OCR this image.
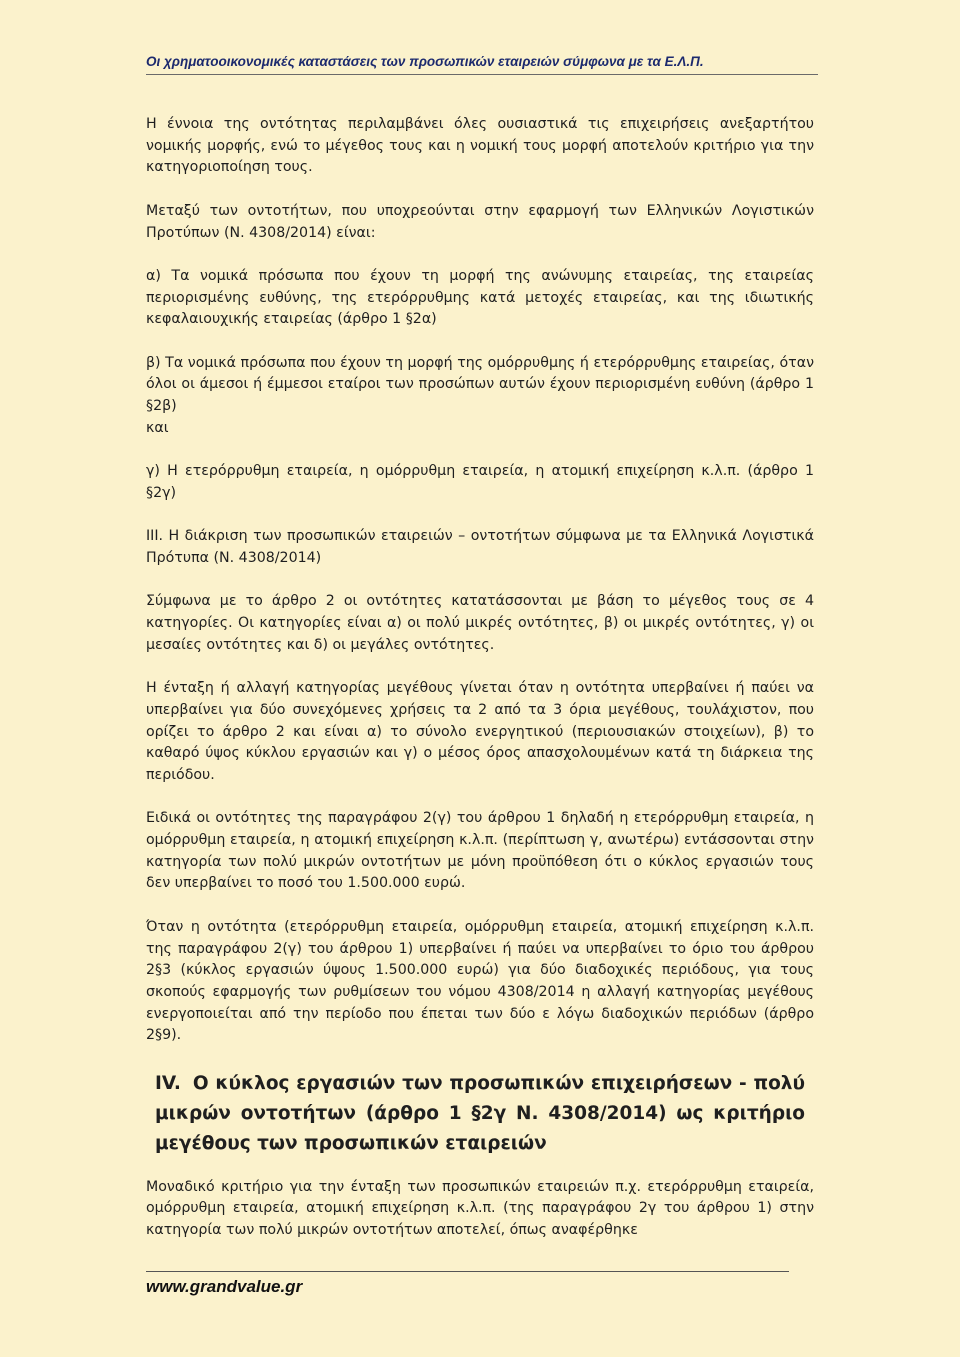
Οι χρηματοοικονομικές καταστάσεις των προσωπικών εταιρειών σύμφωνα με τα Ε.Λ.Π.

Η έννοια της οντότητας περιλαμβάνει όλες ουσιαστικά τις επιχειρήσεις ανεξαρτήτου νομικής μορφής, ενώ το μέγεθος τους και η νομική τους μορφή αποτελούν κριτήριο για την κατηγοριοποίηση τους.

Μεταξύ των οντοτήτων, που υποχρεούνται στην εφαρμογή των Ελληνικών Λογιστικών Προτύπων (Ν. 4308/2014) είναι:

α) Τα νομικά πρόσωπα που έχουν τη μορφή της ανώνυμης εταιρείας, της εταιρείας περιορισμένης ευθύνης, της ετερόρρυθμης κατά μετοχές εταιρείας, και της ιδιωτικής κεφαλαιουχικής εταιρείας (άρθρο 1 §2α)

β) Τα νομικά πρόσωπα που έχουν τη μορφή της ομόρρυθμης ή ετερόρρυθμης εταιρείας, όταν όλοι οι άμεσοι ή έμμεσοι εταίροι των προσώπων αυτών έχουν περιορισμένη ευθύνη (άρθρο 1 §2β)

και

γ) Η ετερόρρυθμη εταιρεία, η ομόρρυθμη εταιρεία, η ατομική επιχείρηση κ.λ.π. (άρθρο 1 §2γ)

III. Η διάκριση των προσωπικών εταιρειών – οντοτήτων σύμφωνα με τα Ελληνικά Λογιστικά Πρότυπα (Ν. 4308/2014)

Σύμφωνα με το άρθρο 2 οι οντότητες κατατάσσονται με βάση το μέγεθος τους σε 4 κατηγορίες. Οι κατηγορίες είναι α) οι πολύ μικρές οντότητες, β) οι μικρές οντότητες, γ) οι μεσαίες οντότητες και δ) οι μεγάλες οντότητες.

Η ένταξη ή αλλαγή κατηγορίας μεγέθους γίνεται όταν η οντότητα υπερβαίνει ή παύει να υπερβαίνει για δύο συνεχόμενες χρήσεις τα 2 από τα 3 όρια μεγέθους, τουλάχιστον, που ορίζει το άρθρο 2 και είναι α) το σύνολο ενεργητικού (περιουσιακών στοιχείων), β) το καθαρό ύψος κύκλου εργασιών και γ) ο μέσος όρος απασχολουμένων κατά τη διάρκεια της περιόδου.

Ειδικά οι οντότητες της παραγράφου 2(γ) του άρθρου 1 δηλαδή η ετερόρρυθμη εταιρεία, η ομόρρυθμη εταιρεία, η ατομική επιχείρηση κ.λ.π. (περίπτωση γ, ανωτέρω) εντάσσονται στην κατηγορία των πολύ μικρών οντοτήτων με μόνη προϋπόθεση ότι ο κύκλος εργασιών τους δεν υπερβαίνει το ποσό του 1.500.000 ευρώ.

Όταν η οντότητα (ετερόρρυθμη εταιρεία, ομόρρυθμη εταιρεία, ατομική επιχείρηση κ.λ.π. της παραγράφου 2(γ) του άρθρου 1) υπερβαίνει ή παύει να υπερβαίνει το όριο του άρθρου 2§3 (κύκλος εργασιών ύψους 1.500.000 ευρώ) για δύο διαδοχικές περιόδους, για τους σκοπούς εφαρμογής των ρυθμίσεων του νόμου 4308/2014 η αλλαγή κατηγορίας μεγέθους ενεργοποιείται από την περίοδο που έπεται των δύο ε λόγω διαδοχικών περιόδων (άρθρο 2§9).

IV. Ο κύκλος εργασιών των προσωπικών επιχειρήσεων - πολύ μικρών οντοτήτων (άρθρο 1 §2γ Ν. 4308/2014) ως κριτήριο μεγέθους των προσωπικών εταιρειών

Μοναδικό κριτήριο για την ένταξη των προσωπικών εταιρειών π.χ. ετερόρρυθμη εταιρεία, ομόρρυθμη εταιρεία, ατομική επιχείρηση κ.λ.π. (της παραγράφου 2γ του άρθρου 1) στην κατηγορία των πολύ μικρών οντοτήτων αποτελεί, όπως αναφέρθηκε

www.grandvalue.gr
